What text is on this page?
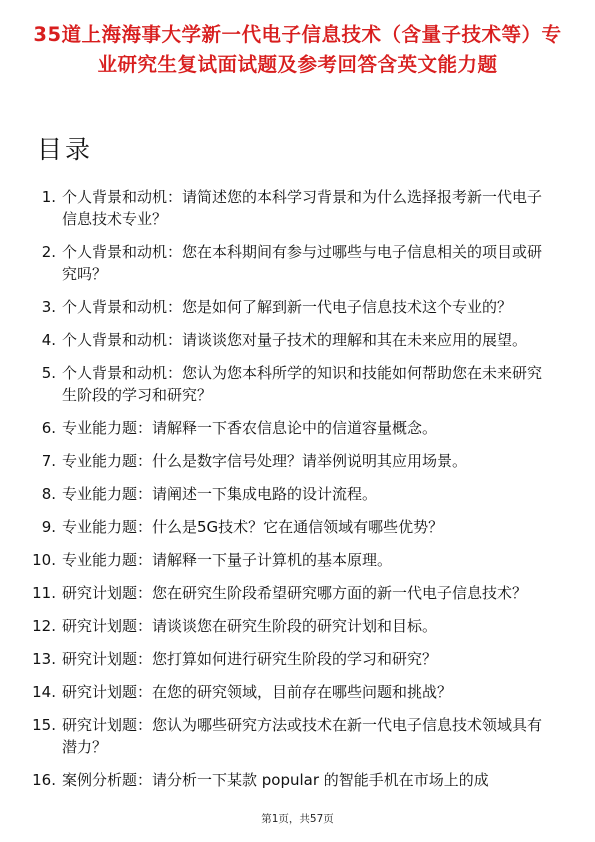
35道上海海事大学新一代电子信息技术（含量子技术等）专业研究生复试面试题及参考回答含英文能力题
目录
1. 个人背景和动机：请简述您的本科学习背景和为什么选择报考新一代电子信息技术专业？
2. 个人背景和动机：您在本科期间有参与过哪些与电子信息相关的项目或研究吗？
3. 个人背景和动机：您是如何了解到新一代电子信息技术这个专业的？
4. 个人背景和动机：请谈谈您对量子技术的理解和其在未来应用的展望。
5. 个人背景和动机：您认为您本科所学的知识和技能如何帮助您在未来研究生阶段的学习和研究？
6. 专业能力题：请解释一下香农信息论中的信道容量概念。
7. 专业能力题：什么是数字信号处理？请举例说明其应用场景。
8. 专业能力题：请阐述一下集成电路的设计流程。
9. 专业能力题：什么是5G技术？它在通信领域有哪些优势？
10. 专业能力题：请解释一下量子计算机的基本原理。
11. 研究计划题：您在研究生阶段希望研究哪方面的新一代电子信息技术？
12. 研究计划题：请谈谈您在研究生阶段的研究计划和目标。
13. 研究计划题：您打算如何进行研究生阶段的学习和研究？
14. 研究计划题：在您的研究领域，目前存在哪些问题和挑战？
15. 研究计划题：您认为哪些研究方法或技术在新一代电子信息技术领域具有潜力？
16. 案例分析题：请分析一下某款 popular 的智能手机在市场上的成
第1页，共57页
